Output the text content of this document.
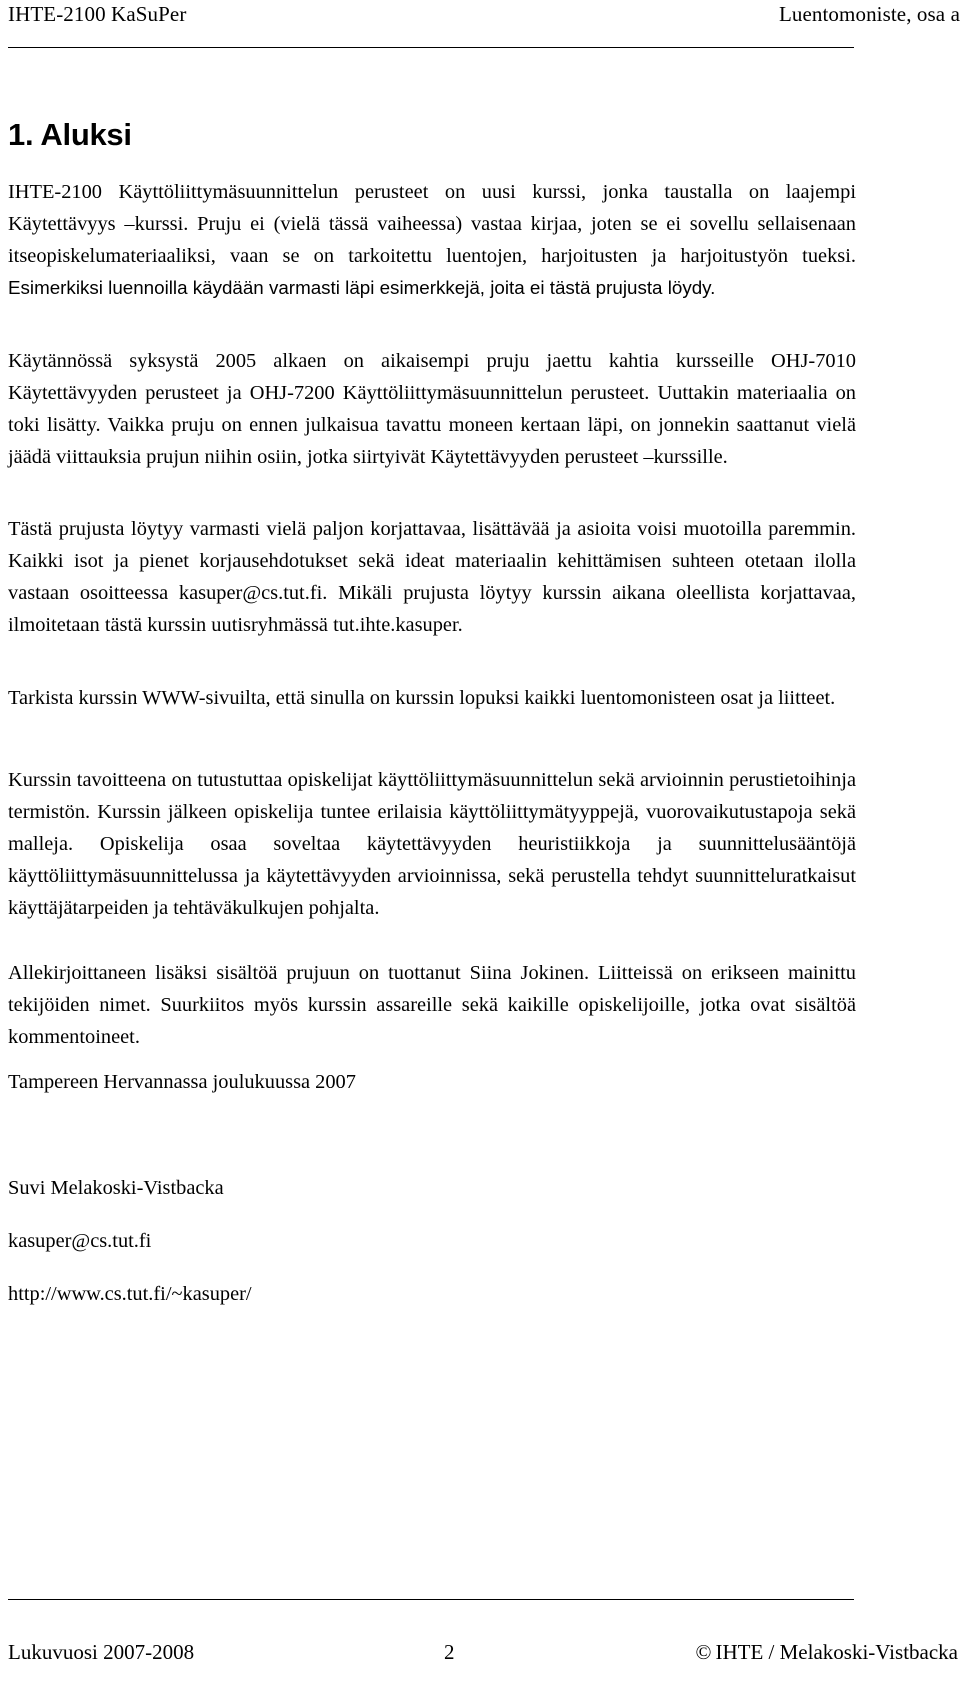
IHTE-2100 KaSuPer	Luentomoniste, osa a
1. Aluksi

IHTE-2100 Käyttöliittymäsuunnittelun perusteet on uusi kurssi, jonka taustalla on laajempi Käytettävyys –kurssi. Pruju ei (vielä tässä vaiheessa) vastaa kirjaa, joten se ei sovellu sellaisenaan itseopiskelumateriaaliksi, vaan se on tarkoitettu luentojen, harjoitusten ja harjoitustyön tueksi. Esimerkiksi luennoilla käydään varmasti läpi esimerkkejä, joita ei tästä prujusta löydy.

Käytännössä syksystä 2005 alkaen on aikaisempi pruju jaettu kahtia kursseille OHJ-7010 Käytettävyyden perusteet ja OHJ-7200 Käyttöliittymäsuunnittelun perusteet. Uuttakin materiaalia on toki lisätty. Vaikka pruju on ennen julkaisua tavattu moneen kertaan läpi, on jonnekin saattanut vielä jäädä viittauksia prujun niihin osiin, jotka siirtyivät Käytettävyyden perusteet –kurssille.

Tästä prujusta löytyy varmasti vielä paljon korjattavaa, lisättävää ja asioita voisi muotoilla paremmin. Kaikki isot ja pienet korjausehdotukset sekä ideat materiaalin kehittämisen suhteen otetaan ilolla vastaan osoitteessa kasuper@cs.tut.fi. Mikäli prujusta löytyy kurssin aikana oleellista korjattavaa, ilmoitetaan tästä kurssin uutisryhmässä tut.ihte.kasuper.

Tarkista kurssin WWW-sivuilta, että sinulla on kurssin lopuksi kaikki luentomonisteen osat ja liitteet.

Kurssin tavoitteena on tutustuttaa opiskelijat käyttöliittymäsuunnittelun sekä arvioinnin perustietoihinja termistön. Kurssin jälkeen opiskelija tuntee erilaisia käyttöliittymätyyppejä, vuorovaikutustapoja sekä malleja. Opiskelija osaa soveltaa käytettävyyden heuristiikkoja ja suunnittelusääntöjä käyttöliittymäsuunnittelussa ja käytettävyyden arvioinnissa, sekä perustella tehdyt suunnitteluratkaisut käyttäjätarpeiden ja tehtäväkulkujen pohjalta.

Allekirjoittaneen lisäksi sisältöä prujuun on tuottanut Siina Jokinen. Liitteissä on erikseen mainittu tekijöiden nimet. Suurkiitos myös kurssin assareille sekä kaikille opiskelijoille, jotka ovat sisältöä kommentoineet.

Tampereen Hervannassa joulukuussa 2007

Suvi Melakoski-Vistbacka

kasuper@cs.tut.fi

http://www.cs.tut.fi/~kasuper/

Lukuvuosi 2007-2008	2	© IHTE / Melakoski-Vistbacka
